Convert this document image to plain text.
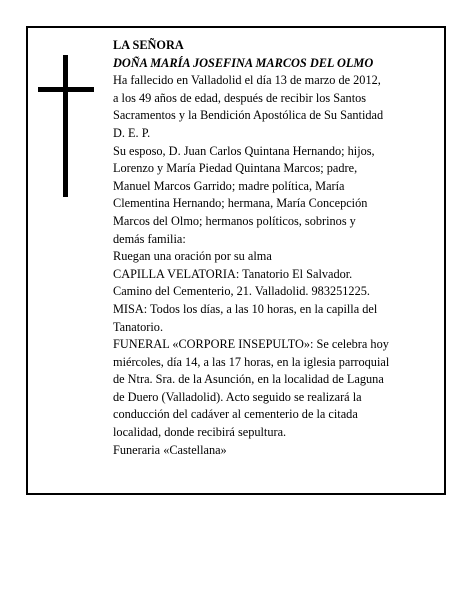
LA SEÑORA
DOÑA MARÍA JOSEFINA MARCOS DEL OLMO
Ha fallecido en Valladolid el día 13 de marzo de 2012,
a los 49 años de edad, después de recibir los Santos
Sacramentos y la Bendición Apostólica de Su Santidad
D. E. P.
Su esposo, D. Juan Carlos Quintana Hernando; hijos,
Lorenzo y María Piedad Quintana Marcos; padre,
Manuel Marcos Garrido; madre política, María
Clementina Hernando; hermana, María Concepción
Marcos del Olmo; hermanos políticos, sobrinos y
demás familia:
Ruegan una oración por su alma
CAPILLA VELATORIA: Tanatorio El Salvador.
Camino del Cementerio, 21. Valladolid. 983251225.
MISA: Todos los días, a las 10 horas, en la capilla del
Tanatorio.
FUNERAL «CORPORE INSEPULTO»: Se celebra hoy
miércoles, día 14, a las 17 horas, en la iglesia parroquial
de Ntra. Sra. de la Asunción, en la localidad de Laguna
de Duero (Valladolid). Acto seguido se realizará la
conducción del cadáver al cementerio de la citada
localidad, donde recibirá sepultura.
Funeraria «Castellana»
